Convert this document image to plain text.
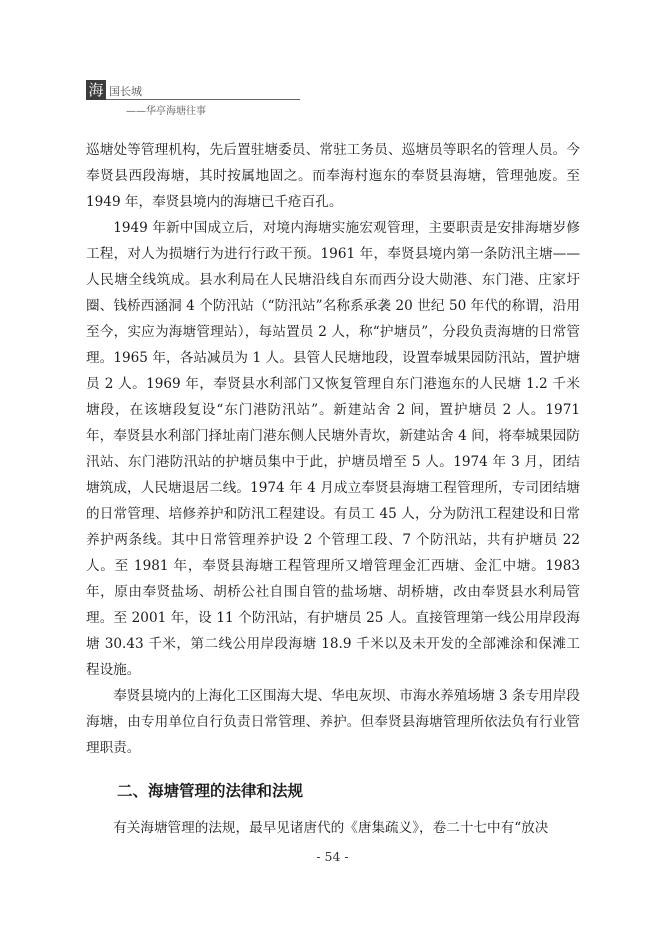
海 国长城
——华亭海塘往事

巡塘处等管理机构，先后置驻塘委员、常驻工务员、巡塘员等职名的管理人员。今奉贤县西段海塘，其时按属地固之。而奉海村迤东的奉贤县海塘，管理弛废。至 1949 年，奉贤县境内的海塘已千疮百孔。

1949 年新中国成立后，对境内海塘实施宏观管理，主要职责是安排海塘岁修工程，对人为损塘行为进行行政干预。1961 年，奉贤县境内第一条防汛主塘——人民塘全线筑成。县水利局在人民塘沿线自东而西分设大勋港、东门港、庄家圩圈、钱桥西涵洞 4 个防汛站（“防汛站”名称系承袭 20 世纪 50 年代的称谓，沿用至今，实应为海塘管理站），每站置员 2 人，称“护塘员”，分段负责海塘的日常管理。1965 年，各站减员为 1 人。县管人民塘地段，设置奉城果园防汛站，置护塘员 2 人。1969 年，奉贤县水利部门又恢复管理自东门港迤东的人民塘 1.2 千米塘段，在该塘段复设“东门港防汛站”。新建站舍 2 间，置护塘员 2 人。1971 年，奉贤县水利部门择址南门港东侧人民塘外青坎，新建站舍 4 间，将奉城果园防汛站、东门港防汛站的护塘员集中于此，护塘员增至 5 人。1974 年 3 月，团结塘筑成，人民塘退居二线。1974 年 4 月成立奉贤县海塘工程管理所，专司团结塘的日常管理、培修养护和防汛工程建设。有员工 45 人，分为防汛工程建设和日常养护两条线。其中日常管理养护设 2 个管理工段、7 个防汛站，共有护塘员 22 人。至 1981 年，奉贤县海塘工程管理所又增管理金汇西塘、金汇中塘。1983 年，原由奉贤盐场、胡桥公社自围自管的盐场塘、胡桥塘，改由奉贤县水利局管理。至 2001 年，设 11 个防汛站，有护塘员 25 人。直接管理第一线公用岸段海塘 30.43 千米，第二线公用岸段海塘 18.9 千米以及未开发的全部滩涂和保滩工程设施。

奉贤县境内的上海化工区围海大堤、华电灰坝、市海水养殖场塘 3 条专用岸段海塘，由专用单位自行负责日常管理、养护。但奉贤县海塘管理所依法负有行业管理职责。

二、海塘管理的法律和法规

有关海塘管理的法规，最早见诸唐代的《唐集疏义》，卷二十七中有“放决

- 54 -
